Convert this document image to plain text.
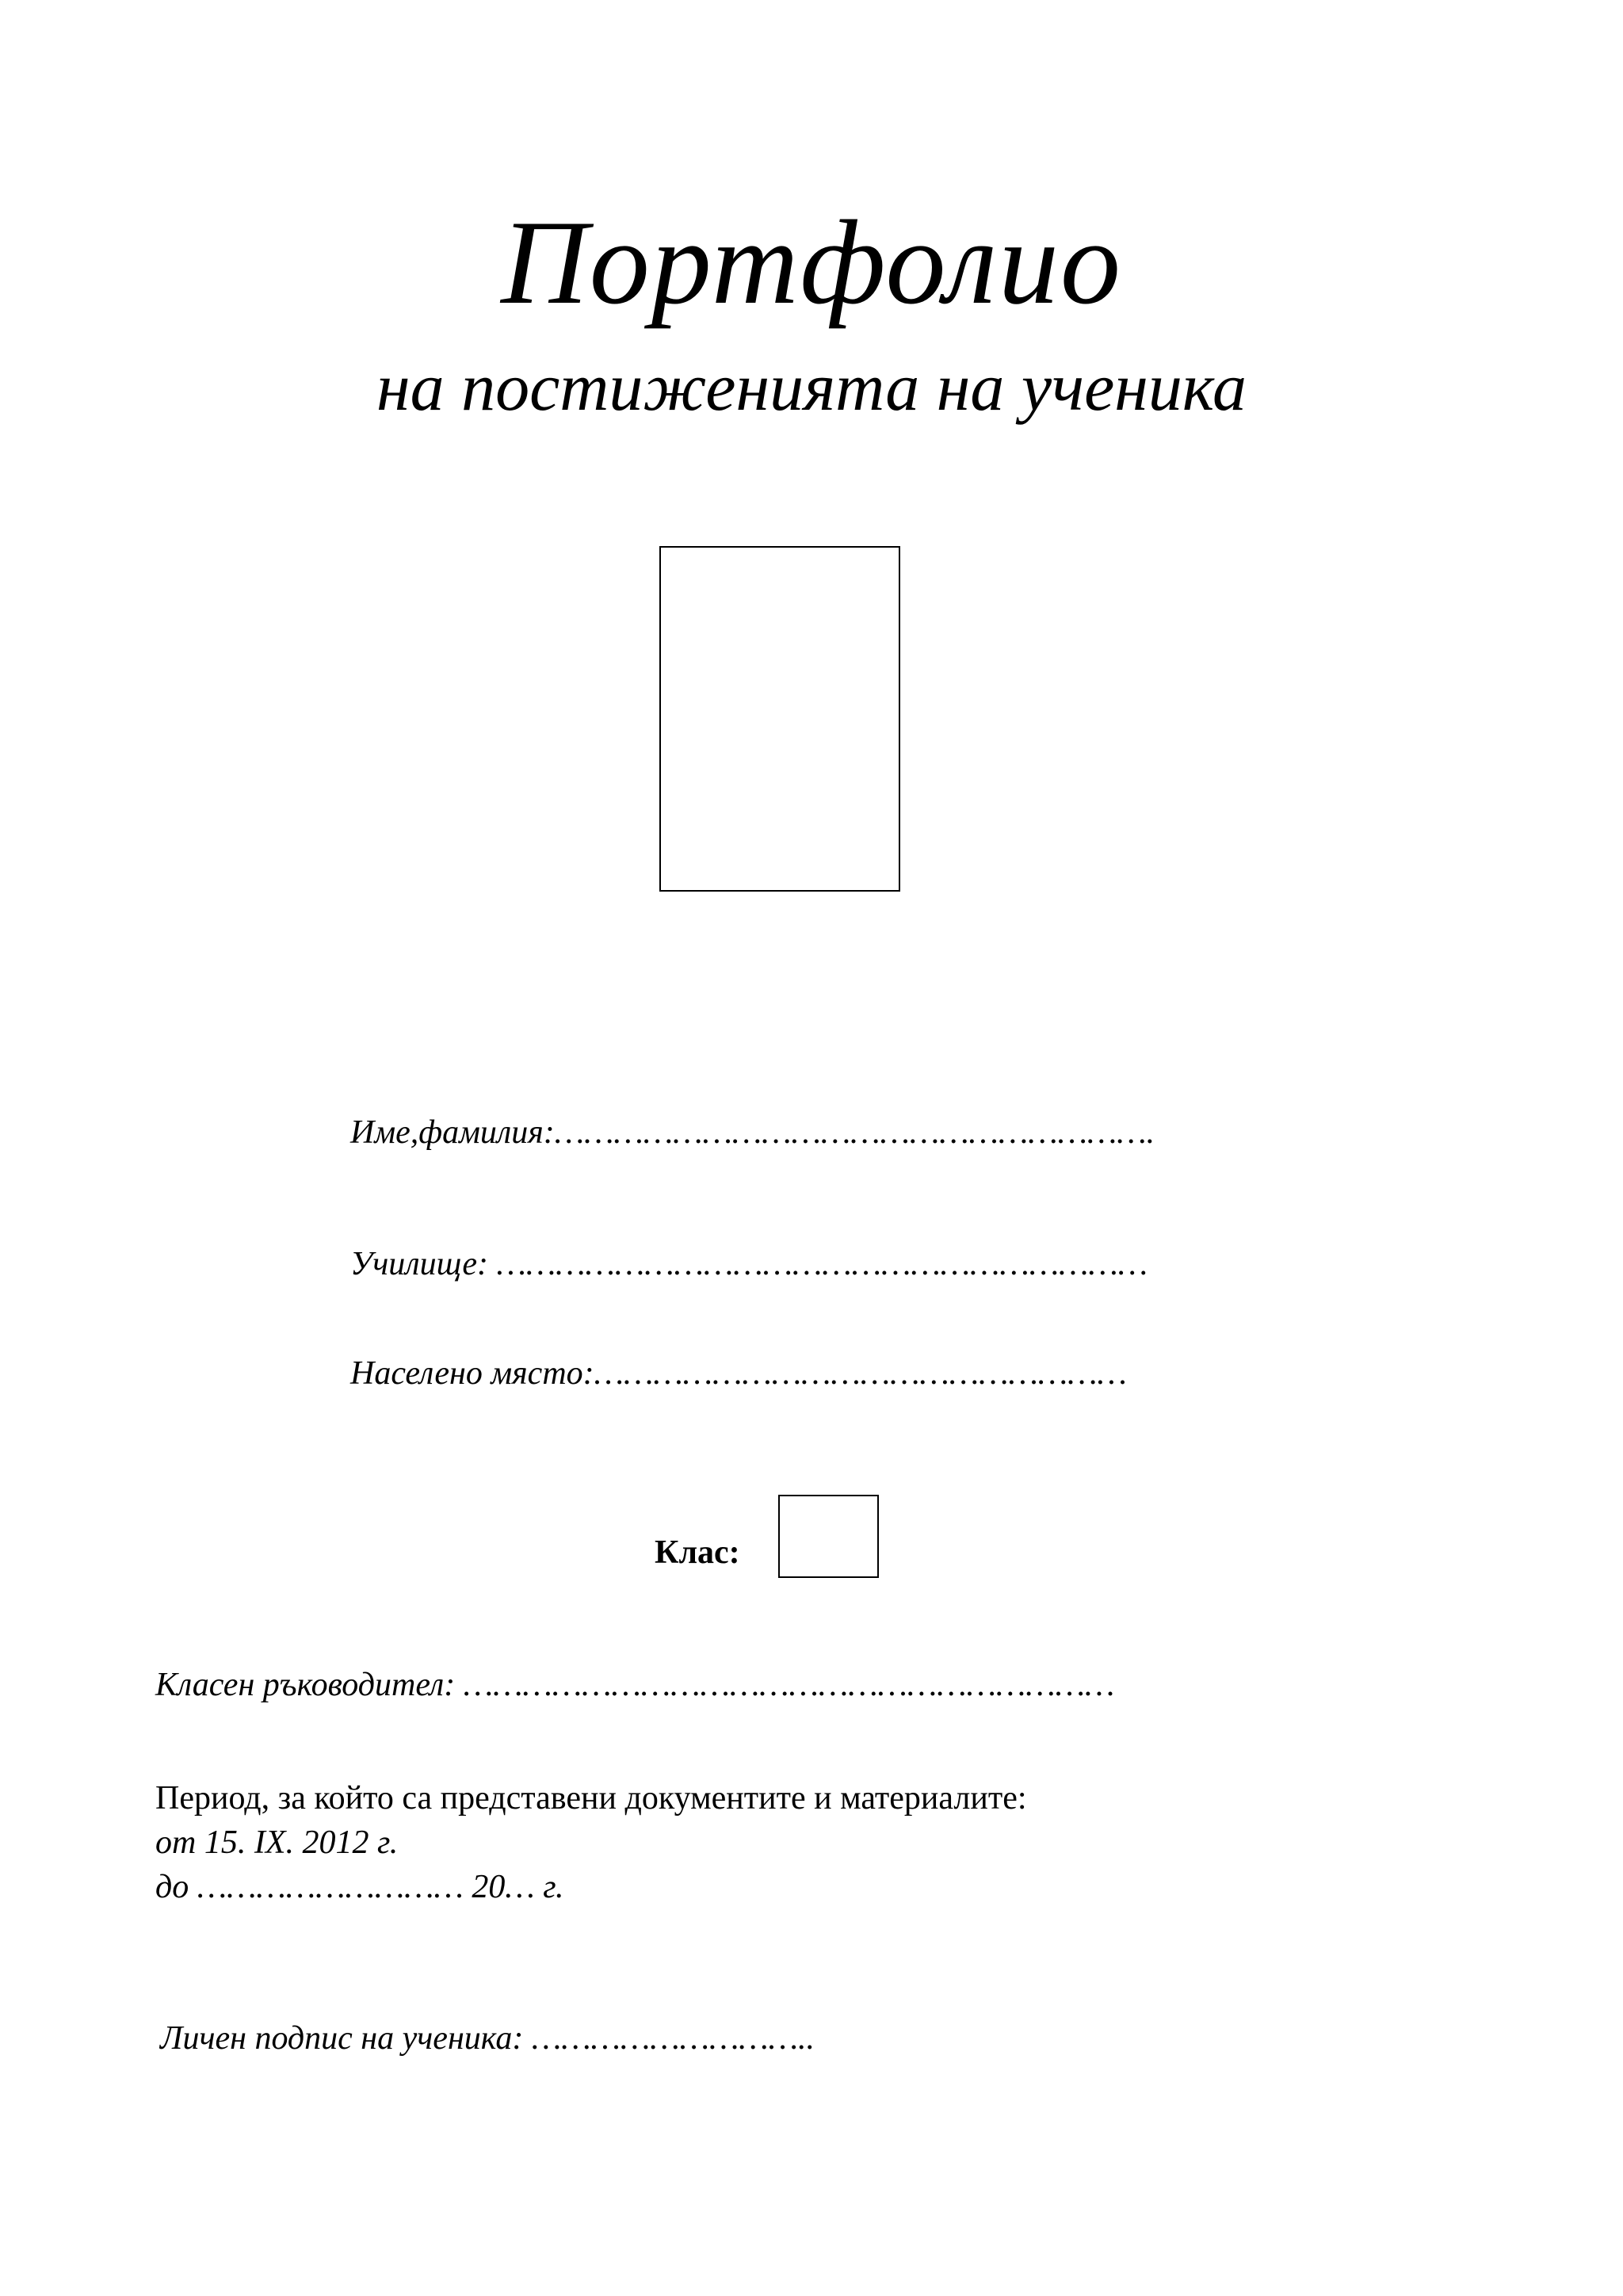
Портфолио
на постиженията на ученика
Име,фамилия:…………………………………………………….
Училище: …………………………………………………………
Населено място:………………………………………………
Клас:
Класен ръководител: …………………………………………………………
Период, за който са представени документите и материалите:
от 15. IX. 2012 г.
до ……………………… 20… г.
Личен подпис на ученика: ………………………..
